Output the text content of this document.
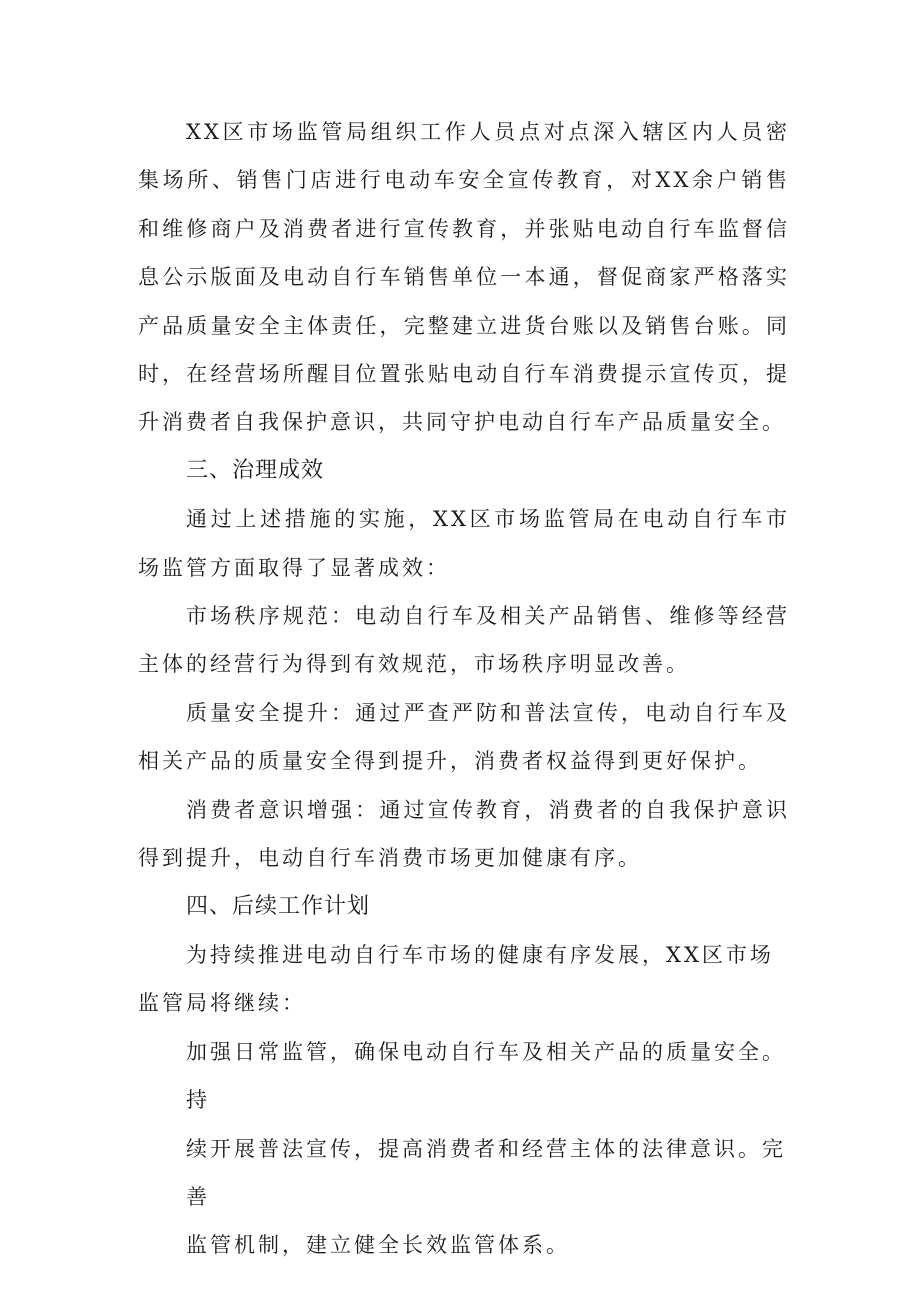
XX区市场监管局组织工作人员点对点深入辖区内人员密集场所、销售门店进行电动车安全宣传教育，对XX余户销售和维修商户及消费者进行宣传教育，并张贴电动自行车监督信息公示版面及电动自行车销售单位一本通，督促商家严格落实产品质量安全主体责任，完整建立进货台账以及销售台账。同时，在经营场所醒目位置张贴电动自行车消费提示宣传页，提升消费者自我保护意识，共同守护电动自行车产品质量安全。

三、治理成效

通过上述措施的实施，XX区市场监管局在电动自行车市场监管方面取得了显著成效：

市场秩序规范：电动自行车及相关产品销售、维修等经营主体的经营行为得到有效规范，市场秩序明显改善。

质量安全提升：通过严查严防和普法宣传，电动自行车及相关产品的质量安全得到提升，消费者权益得到更好保护。

消费者意识增强：通过宣传教育，消费者的自我保护意识得到提升，电动自行车消费市场更加健康有序。

四、后续工作计划

为持续推进电动自行车市场的健康有序发展，XX区市场

监管局将继续：

加强日常监管，确保电动自行车及相关产品的质量安全。持

续开展普法宣传，提高消费者和经营主体的法律意识。完善

监管机制，建立健全长效监管体系。
